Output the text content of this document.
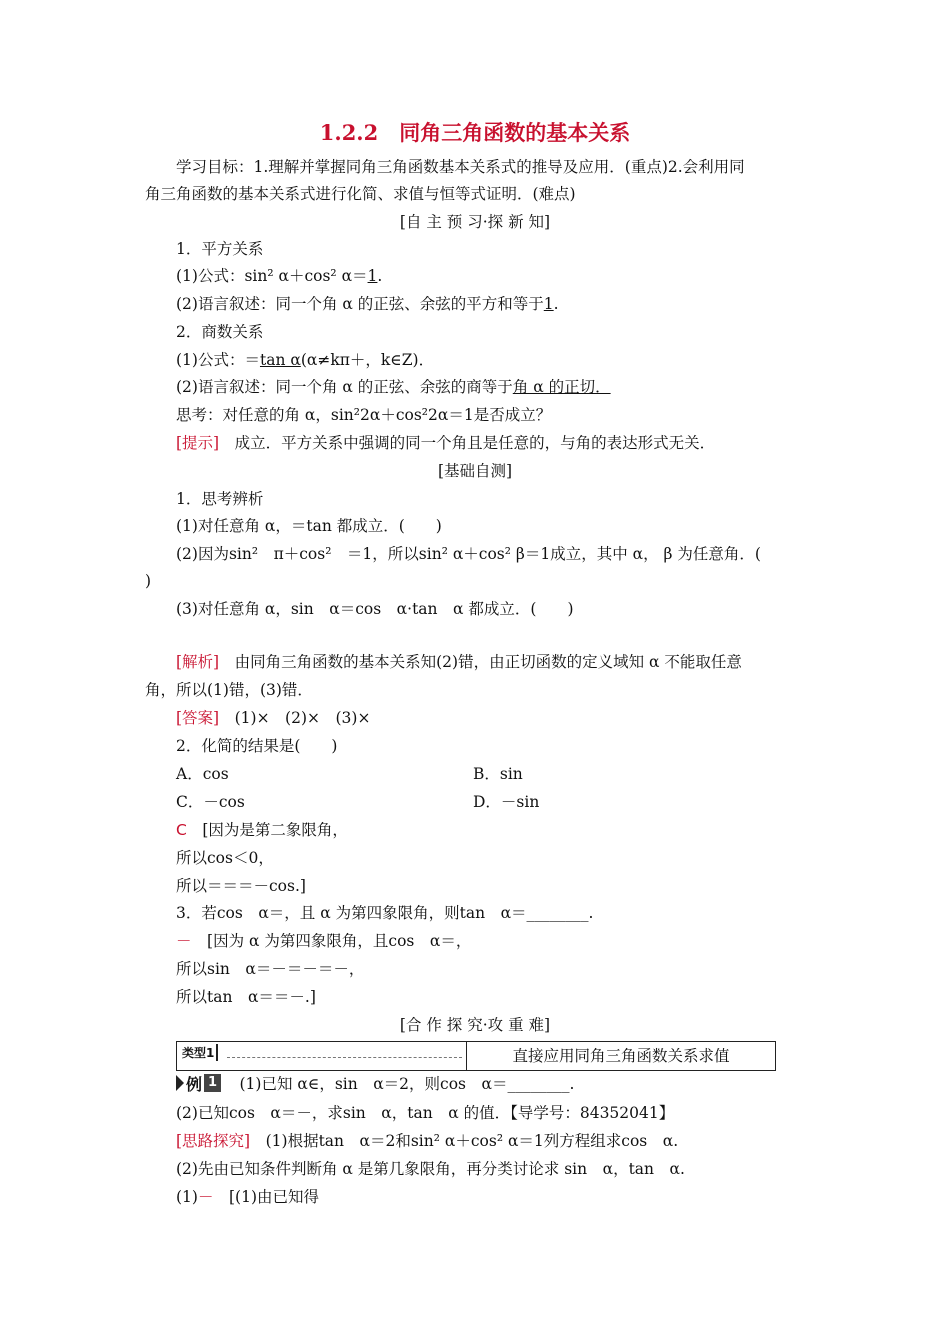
1.2.2　同角三角函数的基本关系
学习目标：1.理解并掌握同角三角函数基本关系式的推导及应用．(重点)2.会利用同
角三角函数的基本关系式进行化简、求值与恒等式证明．(难点)
[自 主 预 习·探 新 知]
1．平方关系
(1)公式：sin² α＋cos² α＝1.
(2)语言叙述：同一个角 α 的正弦、余弦的平方和等于1.
2．商数关系
(1)公式：＝tan α(α≠kπ＋，k∈Z)．
(2)语言叙述：同一个角 α 的正弦、余弦的商等于角 α 的正切．
思考：对任意的角 α，sin²2α＋cos²2α＝1是否成立？
[提示]　成立．平方关系中强调的同一个角且是任意的，与角的表达形式无关．
[基础自测]
1．思考辨析
(1)对任意角 α，＝tan 都成立．(　　)
(2)因为sin²　π＋cos²　＝1，所以sin² α＋cos² β＝1成立，其中 α， β 为任意角．(
)
(3)对任意角 α，sin　α＝cos　α·tan　α 都成立．(　　)
[解析]　由同角三角函数的基本关系知(2)错，由正切函数的定义域知 α 不能取任意
角，所以(1)错，(3)错．
[答案]　(1)×　(2)×　(3)×
2．化简的结果是(　　)
A．cos	B．sin
C．－cos	D．－sin
C　[因为是第二象限角，
所以cos＜0，
所以＝＝＝－cos.]
3．若cos　α＝，且 α 为第四象限角，则tan　α＝________.
－　[因为 α 为第四象限角，且cos　α＝，
所以sin　α＝－＝－＝－，
所以tan　α＝＝－.]
[合 作 探 究·攻 重 难]
类型1	直接应用同角三角函数关系求值
例 1 　(1)已知 α∈，sin　α＝2，则cos　α＝________.
(2)已知cos　α＝－，求sin　α，tan　α 的值．【导学号：84352041】
[思路探究]　(1)根据tan　α＝2和sin² α＋cos² α＝1列方程组求cos　α.
(2)先由已知条件判断角 α 是第几象限角，再分类讨论求 sin　α，tan　α.
(1)－　[(1)由已知得
